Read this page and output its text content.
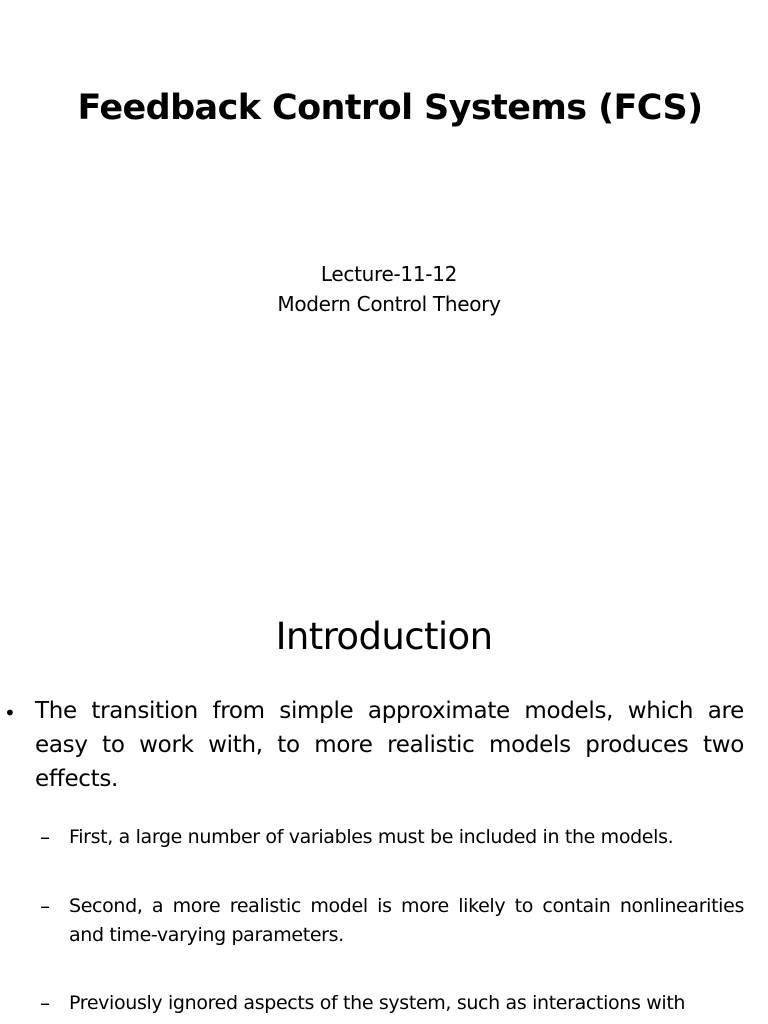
Feedback Control Systems (FCS)
Lecture-11-12
Modern Control Theory
Introduction
• The transition from simple approximate models, which are easy to work with, to more realistic models produces two effects.
– First, a large number of variables must be included in the models.
– Second, a more realistic model is more likely to contain nonlinearities and time-varying parameters.
– Previously ignored aspects of the system, such as interactions with
